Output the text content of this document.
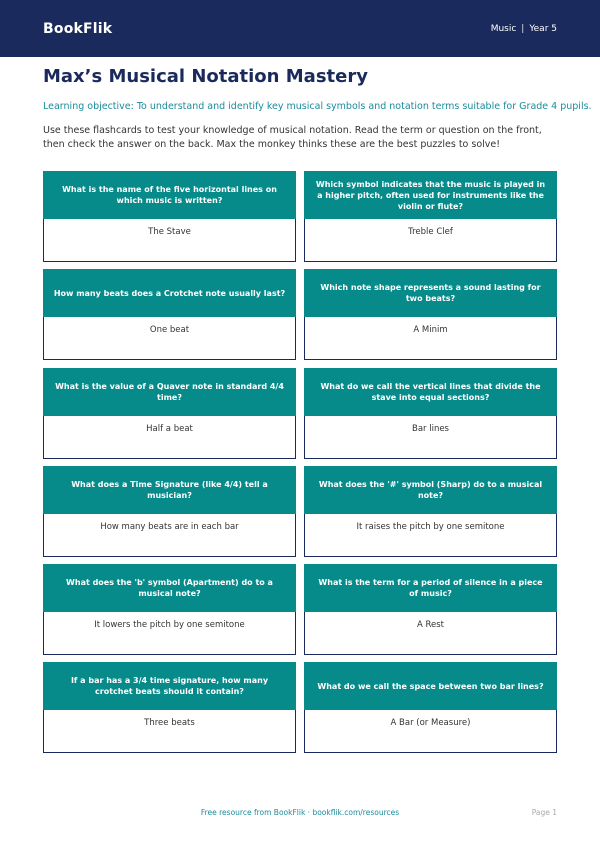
BookFlik	Music | Year 5
Max’s Musical Notation Mastery

Learning objective: To understand and identify key musical symbols and notation terms suitable for Grade 4 pupils.

Use these flashcards to test your knowledge of musical notation. Read the term or question on the front, then check the answer on the back. Max the monkey thinks these are the best puzzles to solve!

What is the name of the five horizontal lines on which music is written?
The Stave
Which symbol indicates that the music is played in a higher pitch, often used for instruments like the violin or flute?
Treble Clef
How many beats does a Crotchet note usually last?
One beat
Which note shape represents a sound lasting for two beats?
A Minim
What is the value of a Quaver note in standard 4/4 time?
Half a beat
What do we call the vertical lines that divide the stave into equal sections?
Bar lines
What does a Time Signature (like 4/4) tell a musician?
How many beats are in each bar
What does the '#' symbol (Sharp) do to a musical note?
It raises the pitch by one semitone
What does the 'b' symbol (Apartment) do to a musical note?
It lowers the pitch by one semitone
What is the term for a period of silence in a piece of music?
A Rest
If a bar has a 3/4 time signature, how many crotchet beats should it contain?
Three beats
What do we call the space between two bar lines?
A Bar (or Measure)
Free resource from BookFlik · bookflik.com/resources	Page 1
